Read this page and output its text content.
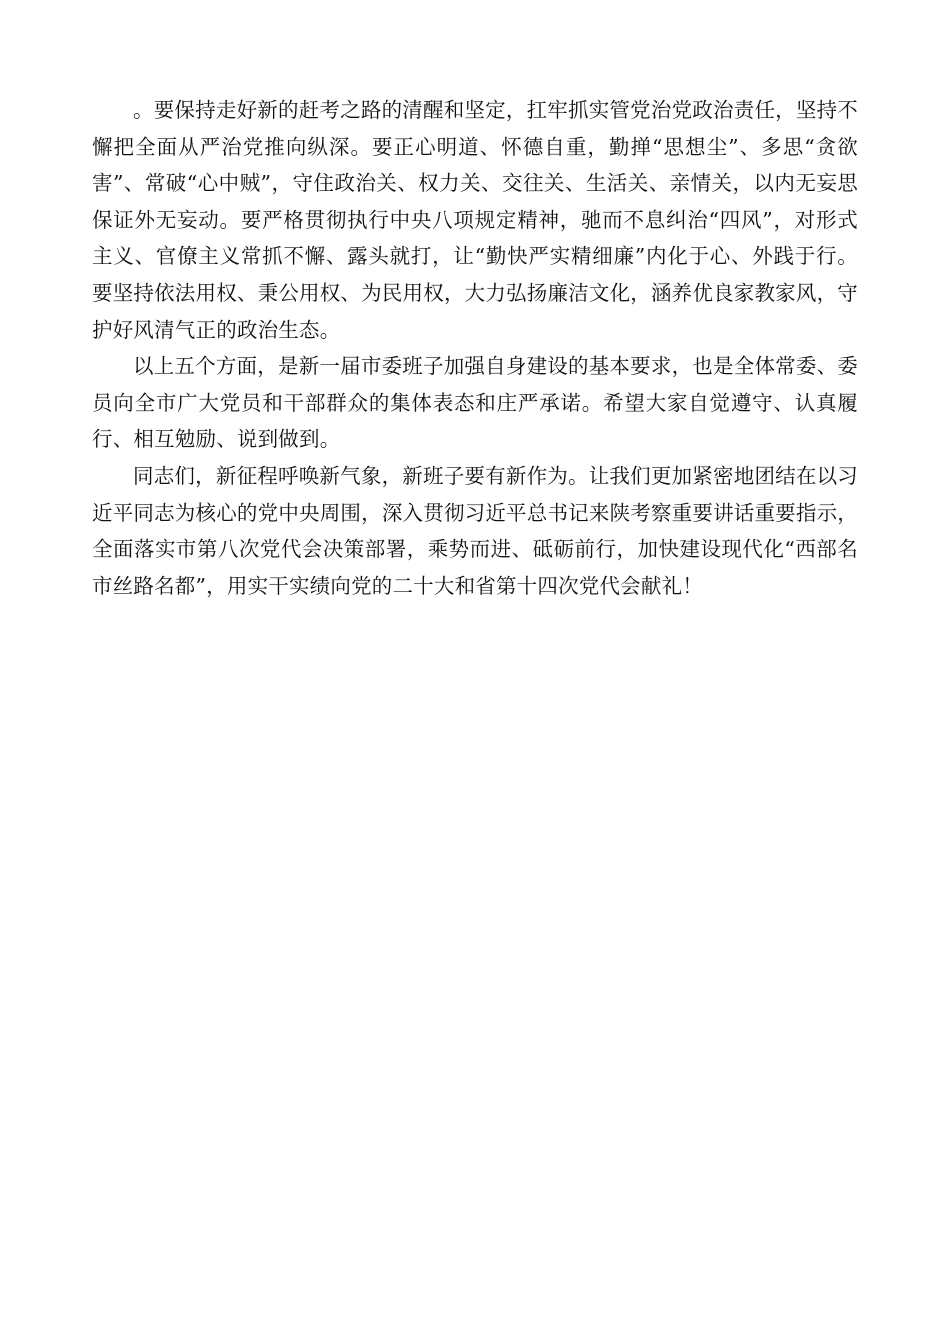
。要保持走好新的赶考之路的清醒和坚定，扛牢抓实管党治党政治责任，坚持不懈把全面从严治党推向纵深。要正心明道、怀德自重，勤掸“思想尘”、多思“贪欲害”、常破“心中贼”，守住政治关、权力关、交往关、生活关、亲情关，以内无妄思保证外无妄动。要严格贯彻执行中央八项规定精神，驰而不息纠治“四风”，对形式主义、官僚主义常抓不懈、露头就打，让“勤快严实精细廉”内化于心、外践于行。要坚持依法用权、秉公用权、为民用权，大力弘扬廉洁文化，涵养优良家教家风，守护好风清气正的政治生态。

以上五个方面，是新一届市委班子加强自身建设的基本要求，也是全体常委、委员向全市广大党员和干部群众的集体表态和庄严承诺。希望大家自觉遵守、认真履行、相互勉励、说到做到。

同志们，新征程呼唤新气象，新班子要有新作为。让我们更加紧密地团结在以习近平同志为核心的党中央周围，深入贯彻习近平总书记来陕考察重要讲话重要指示，全面落实市第八次党代会决策部署，乘势而进、砥砺前行，加快建设现代化“西部名市丝路名都”，用实干实绩向党的二十大和省第十四次党代会献礼！
